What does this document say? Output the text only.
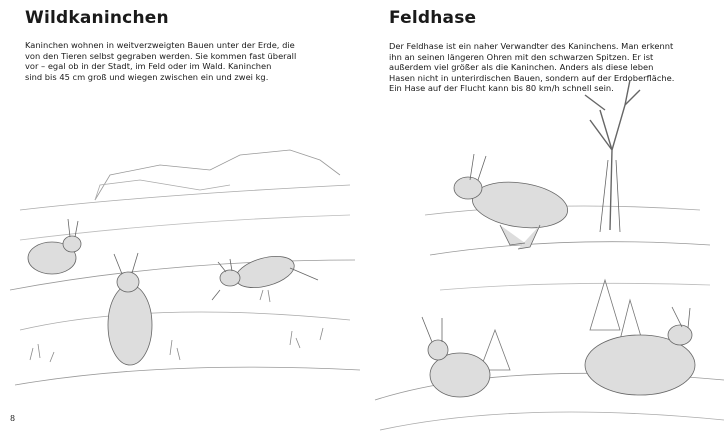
Wildkaninchen
Kaninchen wohnen in weitverzweigten Bauen unter der Erde, die
von den Tieren selbst gegraben werden. Sie kommen fast überall
vor – egal ob in der Stadt, im Feld oder im Wald. Kaninchen
sind bis 45 cm groß und wiegen zwischen ein und zwei kg.
Feldhase
Der Feldhase ist ein naher Verwandter des Kaninchens. Man erkennt
ihn an seinen längeren Ohren mit den schwarzen Spitzen. Er ist
außerdem viel größer als die Kaninchen. Anders als diese leben
Hasen nicht in unterirdischen Bauen, sondern auf der Erdoberfläche.
Ein Hase auf der Flucht kann bis 80 km/h schnell sein.
8
